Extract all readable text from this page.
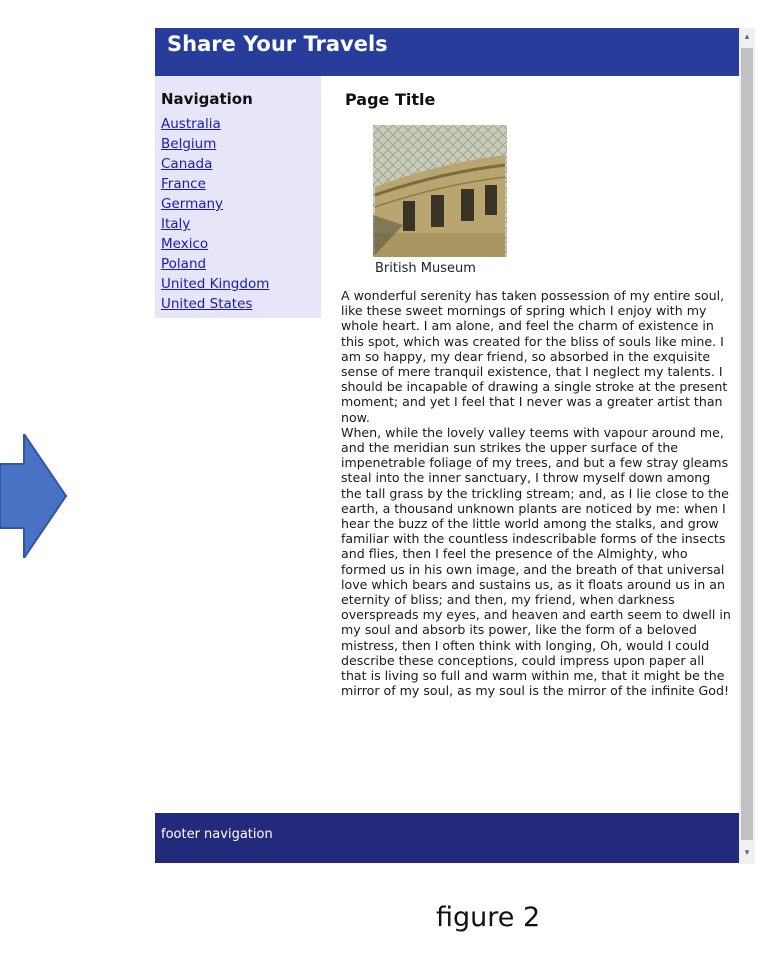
Share Your Travels	▴
▾
Navigation
Australia
Belgium
Canada
France
Germany
Italy
Mexico
Poland
United Kingdom
United States
Page Title
British Museum

A wonderful serenity has taken possession of my entire soul, like these sweet mornings of spring which I enjoy with my whole heart. I am alone, and feel the charm of existence in this spot, which was created for the bliss of souls like mine. I am so happy, my dear friend, so absorbed in the exquisite sense of mere tranquil existence, that I neglect my talents. I should be incapable of drawing a single stroke at the present moment; and yet I feel that I never was a greater artist than now.

When, while the lovely valley teems with vapour around me, and the meridian sun strikes the upper surface of the impenetrable foliage of my trees, and but a few stray gleams steal into the inner sanctuary, I throw myself down among the tall grass by the trickling stream; and, as I lie close to the earth, a thousand unknown plants are noticed by me: when I hear the buzz of the little world among the stalks, and grow familiar with the countless indescribable forms of the insects and flies, then I feel the presence of the Almighty, who formed us in his own image, and the breath of that universal love which bears and sustains us, as it floats around us in an eternity of bliss; and then, my friend, when darkness overspreads my eyes, and heaven and earth seem to dwell in my soul and absorb its power, like the form of a beloved mistress, then I often think with longing, Oh, would I could describe these conceptions, could impress upon paper all that is living so full and warm within me, that it might be the mirror of my soul, as my soul is the mirror of the infinite God!

footer navigation
figure 2
